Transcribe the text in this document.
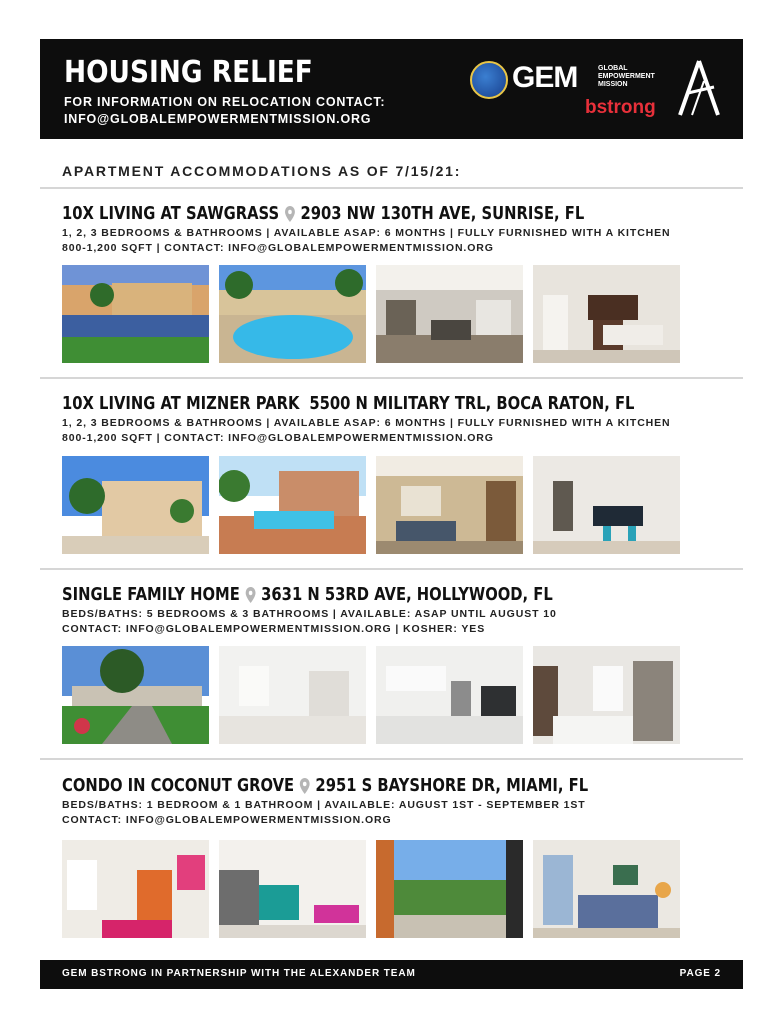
HOUSING RELIEF
FOR INFORMATION ON RELOCATION CONTACT:
INFO@GLOBALEMPOWERMENTMISSION.ORG
GEM	GLOBAL EMPOWERMENT MISSION
bstrong
APARTMENT ACCOMMODATIONS AS OF 7/15/21:
10X LIVING AT SAWGRASS 2903 NW 130TH AVE, SUNRISE, FL
1, 2, 3 BEDROOMS & BATHROOMS | AVAILABLE ASAP: 6 MONTHS | FULLY FURNISHED WITH A KITCHEN
800-1,200 SQFT | CONTACT: INFO@GLOBALEMPOWERMENTMISSION.ORG
10X LIVING AT MIZNER PARK 5500 N MILITARY TRL, BOCA RATON, FL
1, 2, 3 BEDROOMS & BATHROOMS | AVAILABLE ASAP: 6 MONTHS | FULLY FURNISHED WITH A KITCHEN
800-1,200 SQFT | CONTACT: INFO@GLOBALEMPOWERMENTMISSION.ORG
SINGLE FAMILY HOME 3631 N 53RD AVE, HOLLYWOOD, FL
BEDS/BATHS: 5 BEDROOMS & 3 BATHROOMS | AVAILABLE: ASAP UNTIL AUGUST 10
CONTACT: INFO@GLOBALEMPOWERMENTMISSION.ORG | KOSHER: YES
CONDO IN COCONUT GROVE 2951 S BAYSHORE DR, MIAMI, FL
BEDS/BATHS: 1 BEDROOM & 1 BATHROOM | AVAILABLE: AUGUST 1ST - SEPTEMBER 1ST
CONTACT: INFO@GLOBALEMPOWERMENTMISSION.ORG
GEM BSTRONG IN PARTNERSHIP WITH THE ALEXANDER TEAM	PAGE 2
